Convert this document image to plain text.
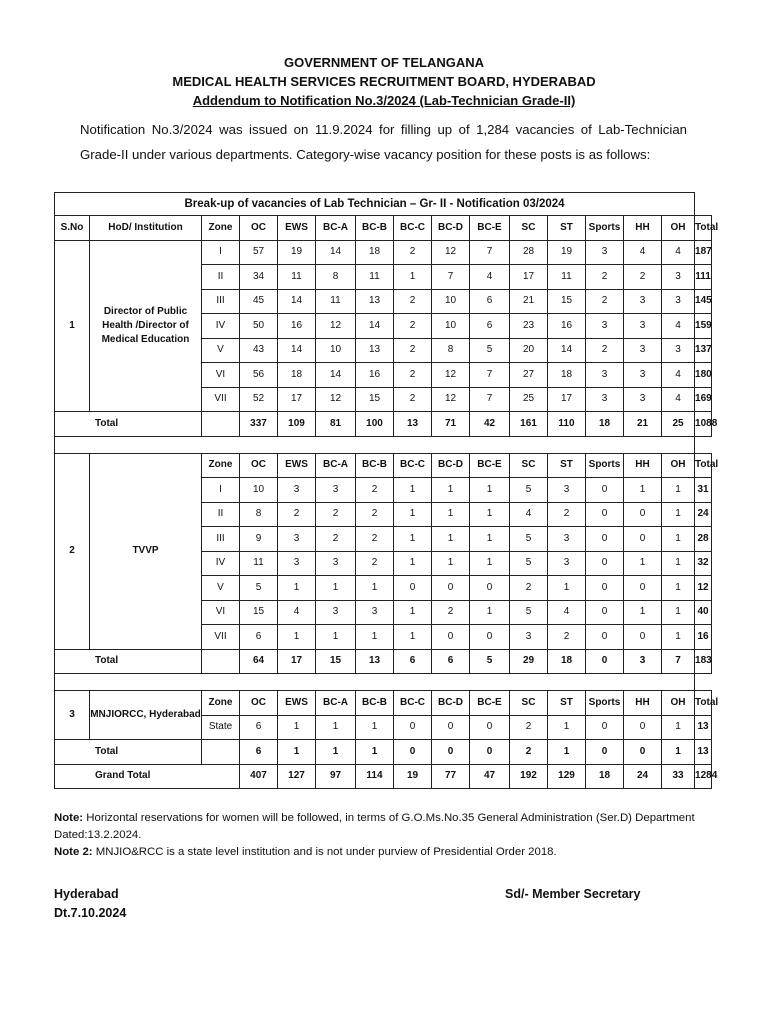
GOVERNMENT OF TELANGANA
MEDICAL HEALTH SERVICES RECRUITMENT BOARD, HYDERABAD
Addendum to Notification No.3/2024 (Lab-Technician Grade-II)
Notification No.3/2024 was issued on 11.9.2024 for filling up of 1,284 vacancies of Lab-Technician Grade-II under various departments. Category-wise vacancy position for these posts is as follows:
Break-up of vacancies of Lab Technician – Gr- II - Notification 03/2024															
S.No	HoD/ Institution	Zone	OC	EWS	BC-A	BC-B	BC-C	BC-D	BC-E	SC	ST	Sports	HH	OH	Total
1	Director of Public Health /Director of Medical Education	I	57	19	14	18	2	12	7	28	19	3	4	4	187
		II	34	11	8	11	1	7	4	17	11	2	2	3	111
		III	45	14	11	13	2	10	6	21	15	2	3	3	145
		IV	50	16	12	14	2	10	6	23	16	3	3	4	159
		V	43	14	10	13	2	8	5	20	14	2	3	3	137
		VI	56	18	14	16	2	12	7	27	18	3	3	4	180
		VII	52	17	12	15	2	12	7	25	17	3	3	4	169
Total			337	109	81	100	13	71	42	161	110	18	21	25	1088

2	TVVP	Zone	OC	EWS	BC-A	BC-B	BC-C	BC-D	BC-E	SC	ST	Sports	HH	OH	Total
		I	10	3	3	2	1	1	1	5	3	0	1	1	31
		II	8	2	2	2	1	1	1	4	2	0	0	1	24
		III	9	3	2	2	1	1	1	5	3	0	0	1	28
		IV	11	3	3	2	1	1	1	5	3	0	1	1	32
		V	5	1	1	1	0	0	0	2	1	0	0	1	12
		VI	15	4	3	3	1	2	1	5	4	0	1	1	40
		VII	6	1	1	1	1	0	0	3	2	0	0	1	16
Total			64	17	15	13	6	6	5	29	18	0	3	7	183

3	MNJIORCC, Hyderabad	Zone	OC	EWS	BC-A	BC-B	BC-C	BC-D	BC-E	SC	ST	Sports	HH	OH	Total
		State	6	1	1	1	0	0	0	2	1	0	0	1	13
Total			6	1	1	1	0	0	0	2	1	0	0	1	13
Grand Total			407	127	97	114	19	77	47	192	129	18	24	33	1284
Note: Horizontal reservations for women will be followed, in terms of G.O.Ms.No.35 General Administration (Ser.D) Department Dated:13.2.2024.
Note 2: MNJIO&RCC is a state level institution and is not under purview of Presidential Order 2018.
Hyderabad
Dt.7.10.2024
Sd/- Member Secretary
